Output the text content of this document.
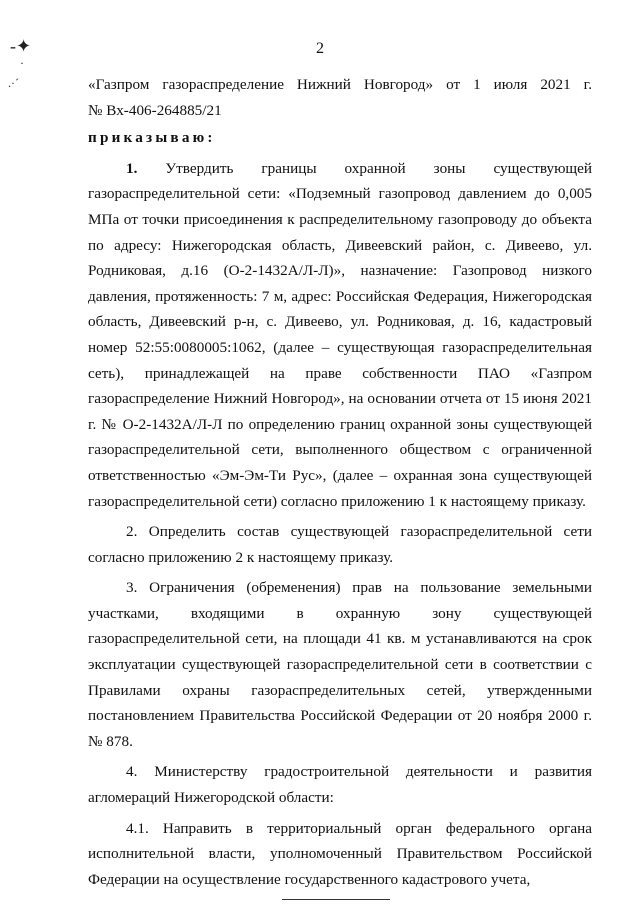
-✦
·
.·´
2

«Газпром газораспределение Нижний Новгород» от 1 июля 2021 г.

№ Вх-406-264885/21

приказываю:

1. Утвердить границы охранной зоны существующей газораспределительной сети: «Подземный газопровод давлением до 0,005 МПа от точки присоединения к распределительному газопроводу до объекта по адресу: Нижегородская область, Дивеевский район, с. Дивеево, ул. Родниковая, д.16 (О-2-1432А/Л-Л)», назначение: Газопровод низкого давления, протяженность: 7 м, адрес: Российская Федерация, Нижегородская область, Дивеевский р-н, с. Дивеево, ул. Родниковая, д. 16, кадастровый номер 52:55:0080005:1062, (далее – существующая газораспределительная сеть), принадлежащей на праве собственности ПАО «Газпром газораспределение Нижний Новгород», на основании отчета от 15 июня 2021 г. № О-2-1432А/Л-Л по определению границ охранной зоны существующей газораспределительной сети, выполненного обществом с ограниченной ответственностью «Эм-Эм-Ти Рус», (далее – охранная зона существующей газораспределительной сети) согласно приложению 1 к настоящему приказу.

2. Определить состав существующей газораспределительной сети согласно приложению 2 к настоящему приказу.

3. Ограничения (обременения) прав на пользование земельными участками, входящими в охранную зону существующей газораспределительной сети, на площади 41 кв. м устанавливаются на срок эксплуатации существующей газораспределительной сети в соответствии с Правилами охраны газораспределительных сетей, утвержденными постановлением Правительства Российской Федерации от 20 ноября 2000 г. № 878.

4. Министерству градостроительной деятельности и развития агломераций Нижегородской области:

4.1. Направить в территориальный орган федерального органа исполнительной власти, уполномоченный Правительством Российской Федерации на осуществление государственного кадастрового учета,
